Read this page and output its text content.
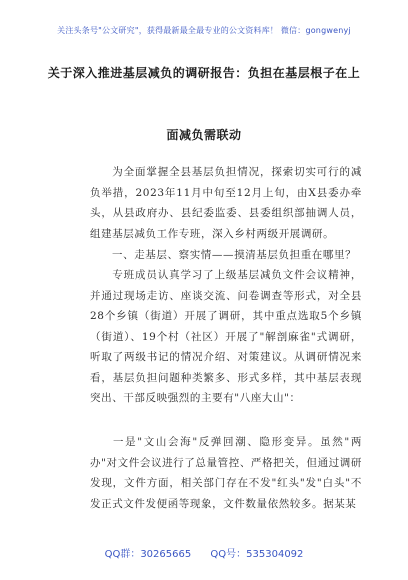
关注头条号"公文研究"，获得最新最全最专业的公文资料库！ 微信：gongwenyj
关于深入推进基层减负的调研报告：负担在基层根子在上
面减负需联动

为全面掌握全县基层负担情况，探索切实可行的减负举措，2023年11月中旬至12月上旬，由X县委办牵头，从县政府办、县纪委监委、县委组织部抽调人员，组建基层减负工作专班，深入乡村两级开展调研。

一、走基层、察实情——摸清基层负担重在哪里？

专班成员认真学习了上级基层减负文件会议精神，并通过现场走访、座谈交流、问卷调查等形式，对全县28个乡镇（街道）开展了调研，其中重点选取5个乡镇（街道）、19个村（社区）开展了"解剖麻雀"式调研，听取了两级书记的情况介绍、对策建议。从调研情况来看，基层负担问题种类繁多、形式多样，其中基层表现突出、干部反映强烈的主要有"八座大山"：

一是"文山会海"反弹回潮、隐形变异。虽然"两办"对文件会议进行了总量管控、严格把关，但通过调研发现，文件方面，相关部门存在不发"红头"发"白头"不发正式文件发便函等现象，文件数量依然较多。据某某

QQ群：30265665 QQ号：535304092
